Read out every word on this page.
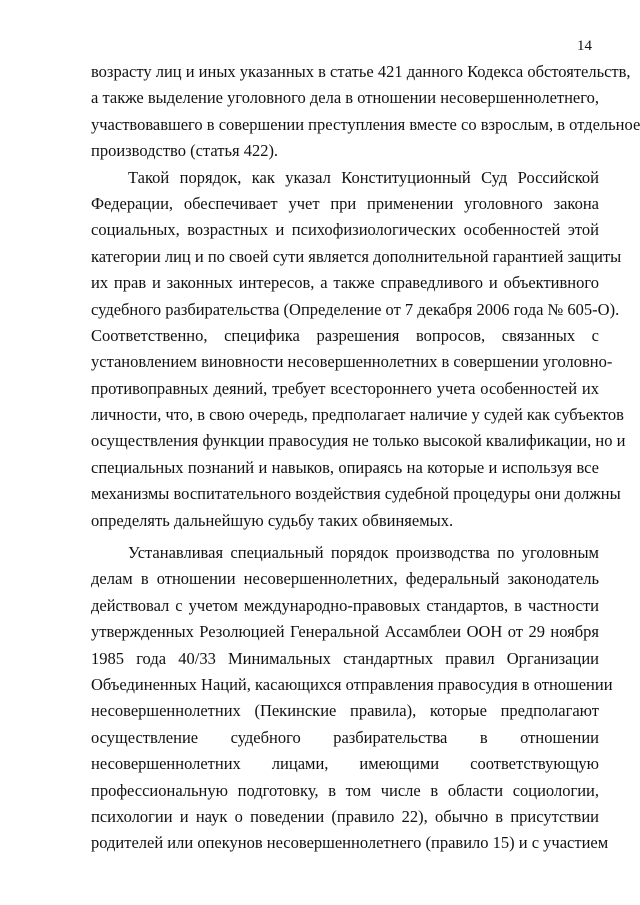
14
возрасту лиц и иных указанных в статье 421 данного Кодекса обстоятельств,
а также выделение уголовного дела в отношении несовершеннолетнего,
участвовавшего в совершении преступления вместе со взрослым, в отдельное
производство (статья 422).
Такой порядок, как указал Конституционный Суд Российской
Федерации, обеспечивает учет при применении уголовного закона
социальных, возрастных и психофизиологических особенностей этой
категории лиц и по своей сути является дополнительной гарантией защиты
их прав и законных интересов, а также справедливого и объективного
судебного разбирательства (Определение от 7 декабря 2006 года № 605-О).
Соответственно, специфика разрешения вопросов, связанных с
установлением виновности несовершеннолетних в совершении уголовно-
противоправных деяний, требует всестороннего учета особенностей их
личности, что, в свою очередь, предполагает наличие у судей как субъектов
осуществления функции правосудия не только высокой квалификации, но и
специальных познаний и навыков, опираясь на которые и используя все
механизмы воспитательного воздействия судебной процедуры они должны
определять дальнейшую судьбу таких обвиняемых.
Устанавливая специальный порядок производства по уголовным
делам в отношении несовершеннолетних, федеральный законодатель
действовал с учетом международно-правовых стандартов, в частности
утвержденных Резолюцией Генеральной Ассамблеи ООН от 29 ноября
1985 года 40/33 Минимальных стандартных правил Организации
Объединенных Наций, касающихся отправления правосудия в отношении
несовершеннолетних (Пекинские правила), которые предполагают
осуществление судебного разбирательства в отношении
несовершеннолетних лицами, имеющими соответствующую
профессиональную подготовку, в том числе в области социологии,
психологии и наук о поведении (правило 22), обычно в присутствии
родителей или опекунов несовершеннолетнего (правило 15) и с участием
